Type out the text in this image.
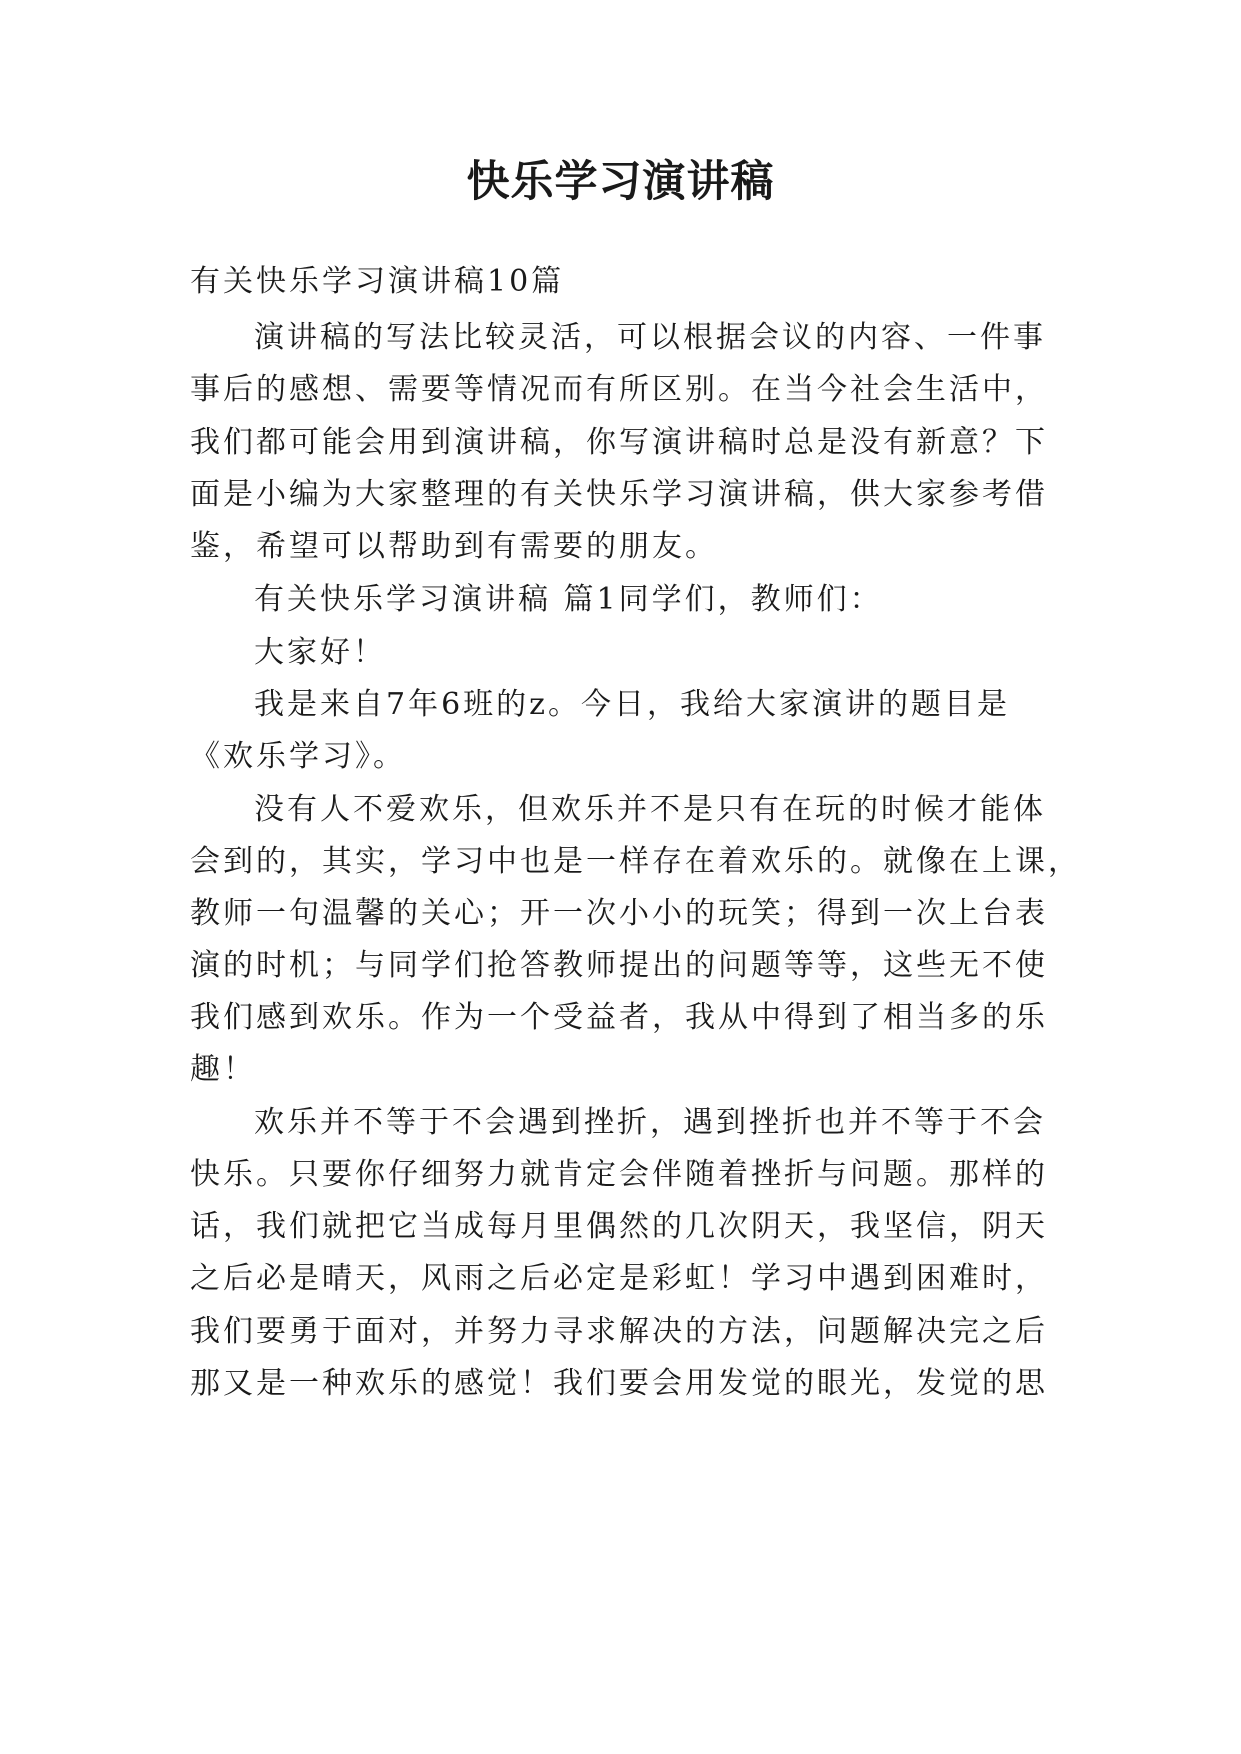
快乐学习演讲稿

有关快乐学习演讲稿10篇

演讲稿的写法比较灵活，可以根据会议的内容、一件事

事后的感想、需要等情况而有所区别。在当今社会生活中，

我们都可能会用到演讲稿，你写演讲稿时总是没有新意？下

面是小编为大家整理的有关快乐学习演讲稿，供大家参考借

鉴，希望可以帮助到有需要的朋友。

有关快乐学习演讲稿 篇1同学们，教师们：

大家好！

我是来自7年6班的z。今日，我给大家演讲的题目是

《欢乐学习》。

没有人不爱欢乐，但欢乐并不是只有在玩的时候才能体

会到的，其实，学习中也是一样存在着欢乐的。就像在上课，

教师一句温馨的关心；开一次小小的玩笑；得到一次上台表

演的时机；与同学们抢答教师提出的问题等等，这些无不使

我们感到欢乐。作为一个受益者，我从中得到了相当多的乐

趣！

欢乐并不等于不会遇到挫折，遇到挫折也并不等于不会

快乐。只要你仔细努力就肯定会伴随着挫折与问题。那样的

话，我们就把它当成每月里偶然的几次阴天，我坚信，阴天

之后必是晴天，风雨之后必定是彩虹！学习中遇到困难时，

我们要勇于面对，并努力寻求解决的方法，问题解决完之后

那又是一种欢乐的感觉！我们要会用发觉的眼光，发觉的思
